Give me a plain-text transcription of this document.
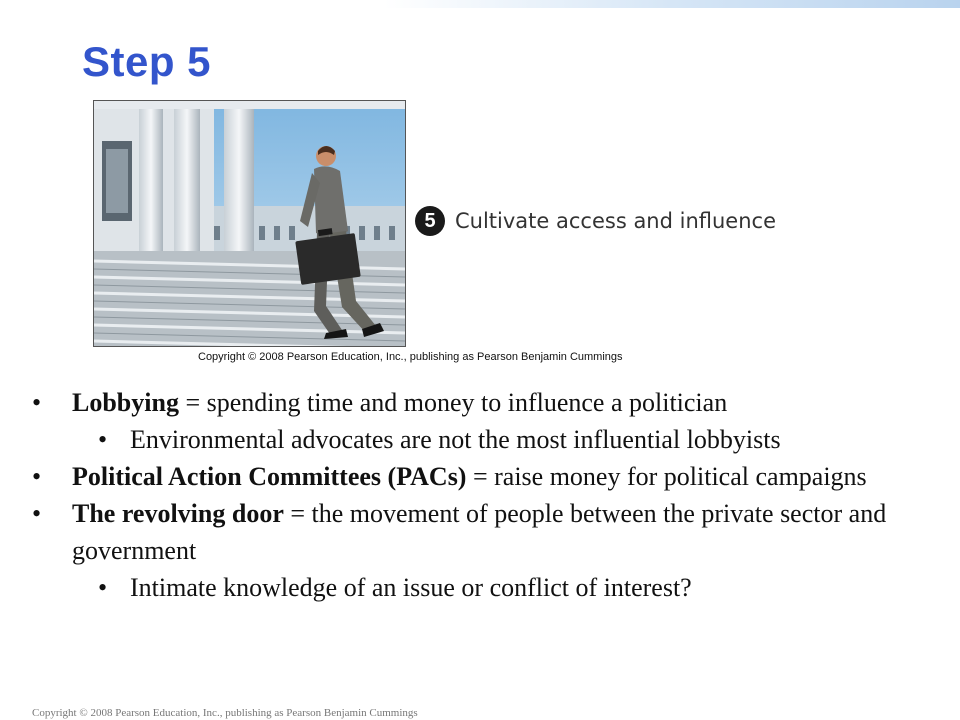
Step 5
5 Cultivate access and influence
Copyright © 2008 Pearson Education, Inc., publishing as Pearson Benjamin Cummings
• Lobbying = spending time and money to influence a politician
• Environmental advocates are not the most influential lobbyists
• Political Action Committees (PACs) = raise money for political campaigns
• The revolving door = the movement of people between the private sector and government
• Intimate knowledge of an issue or conflict of interest?
Copyright © 2008 Pearson Education, Inc., publishing as Pearson Benjamin Cummings
